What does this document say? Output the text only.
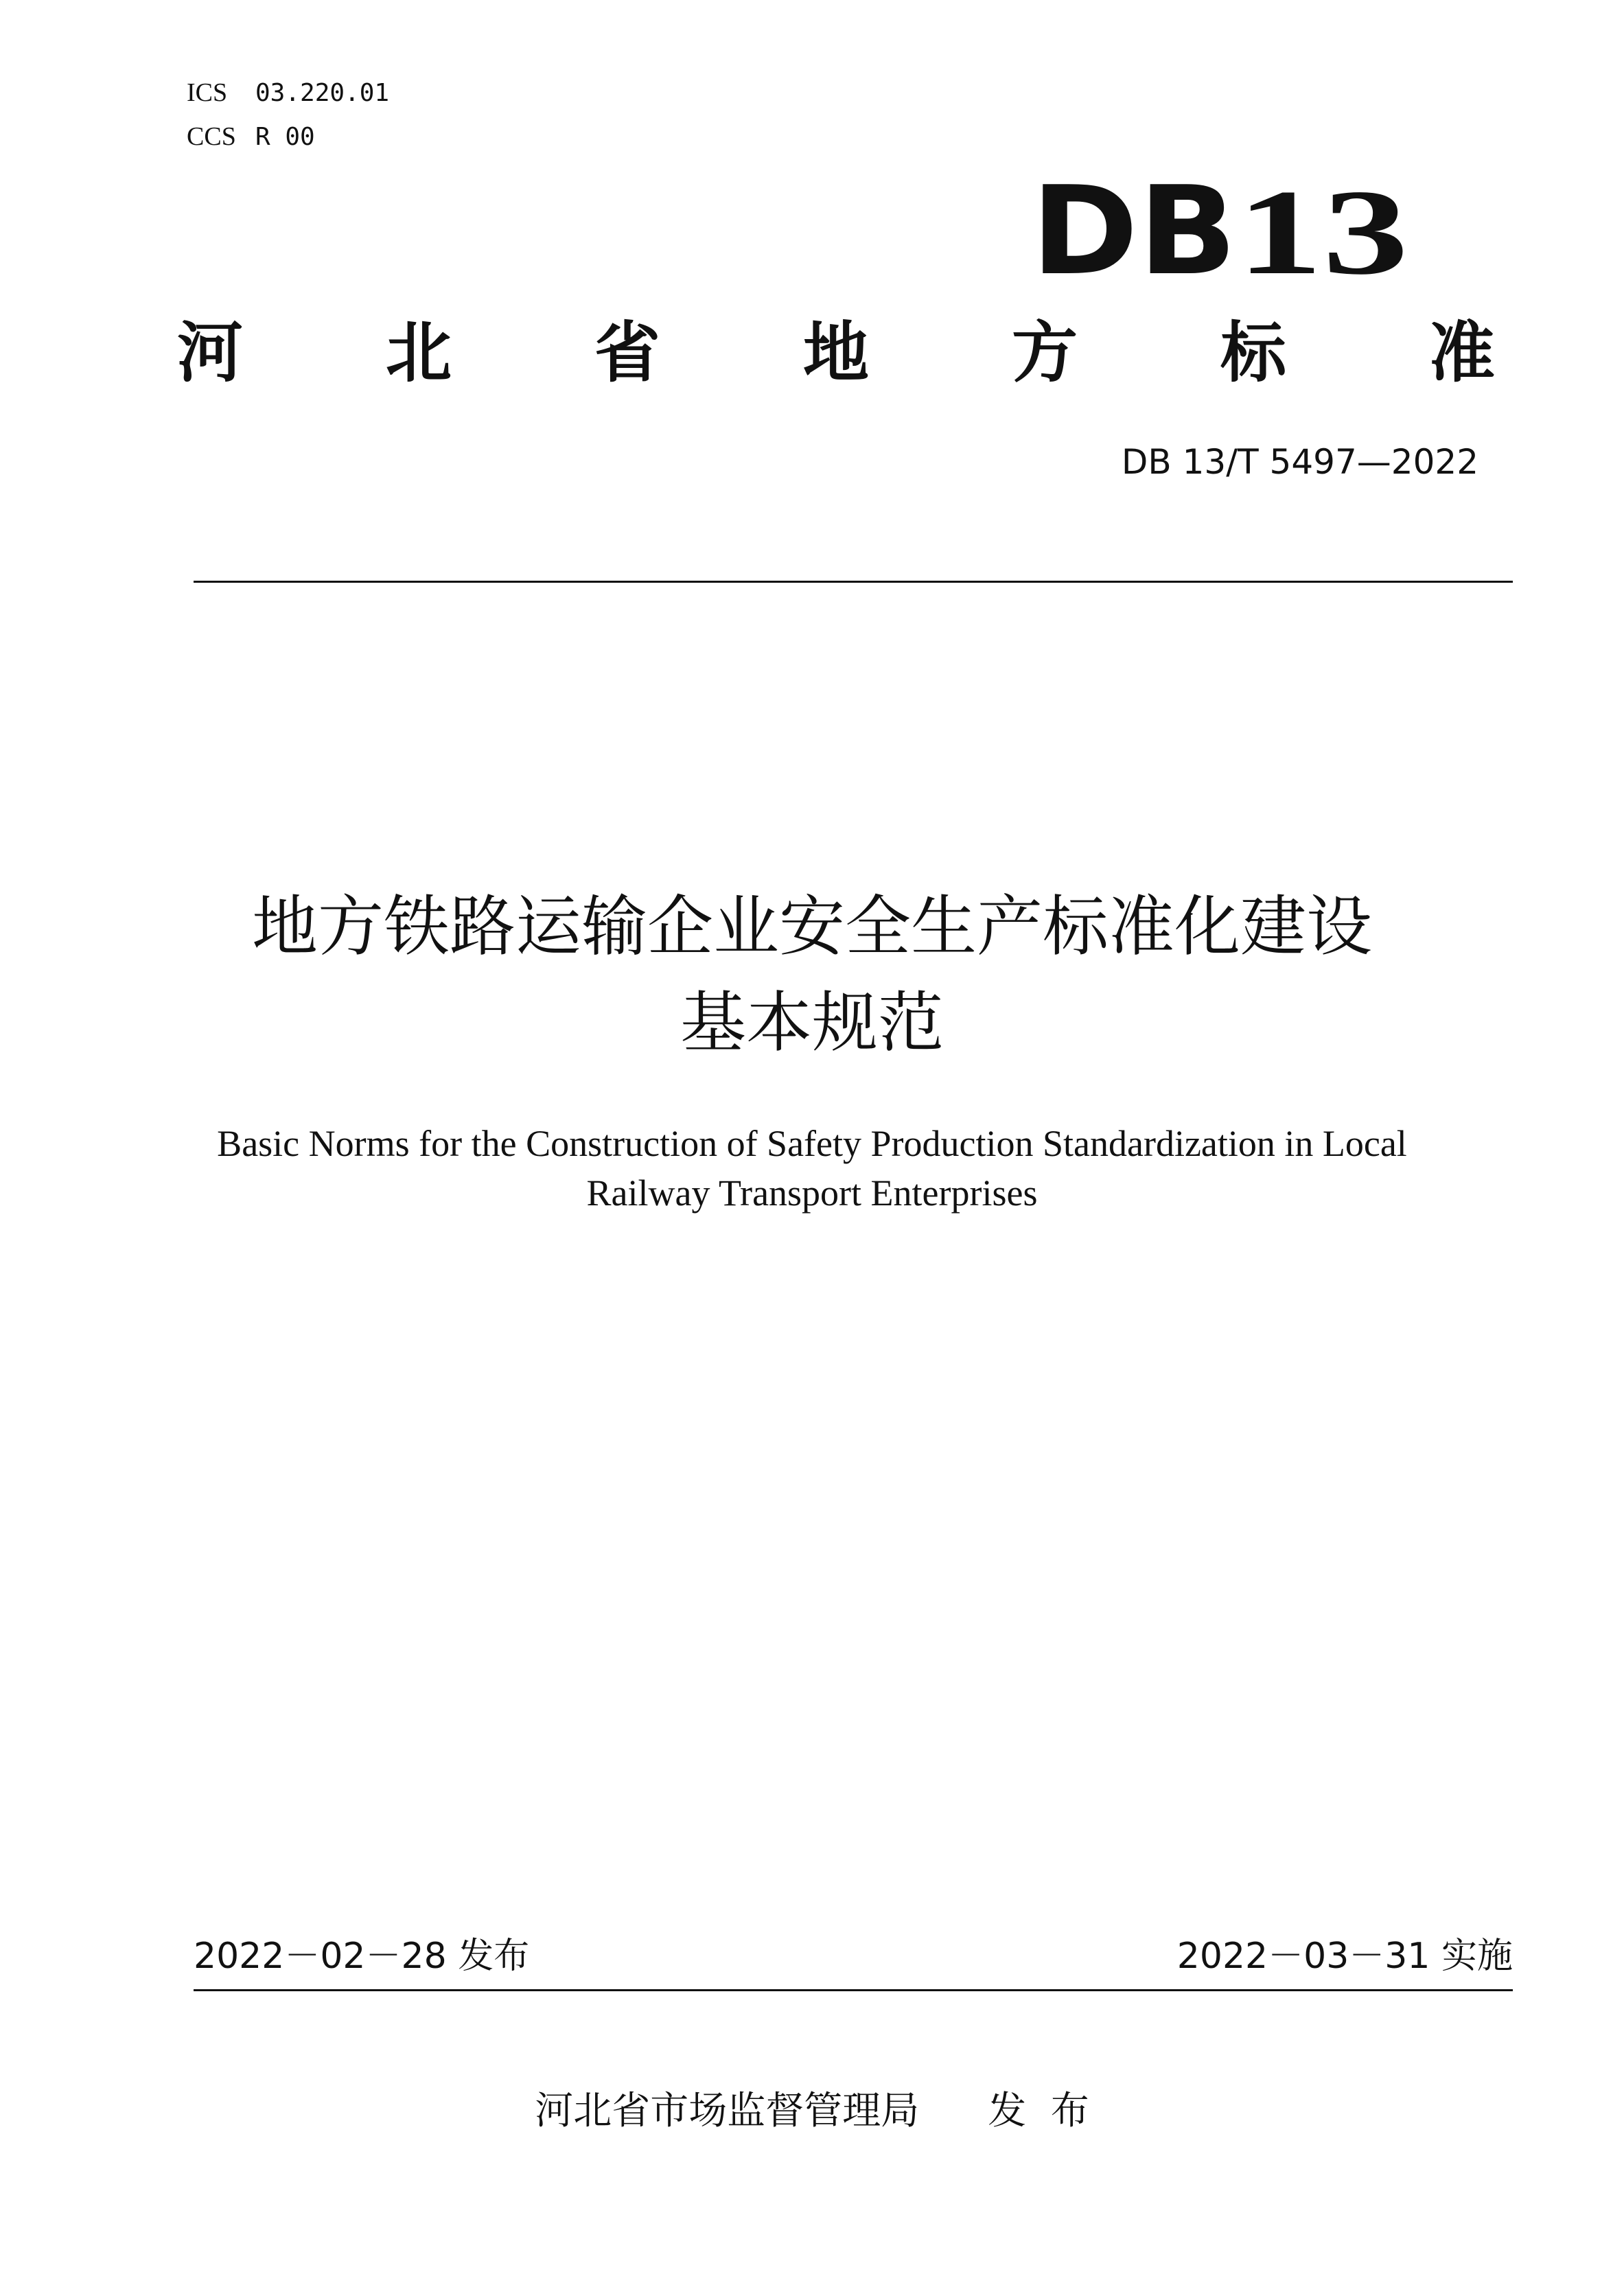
ICS 03.220.01
CCS R 00
DB 13
河 北 省 地 方 标 准
DB 13/T 5497—2022
地方铁路运输企业安全生产标准化建设
基本规范
Basic Norms for the Construction of Safety Production Standardization in Local
Railway Transport Enterprises
2022－02－28 发布	2022－03－31 实施
河北省市场监督管理局 发  布
